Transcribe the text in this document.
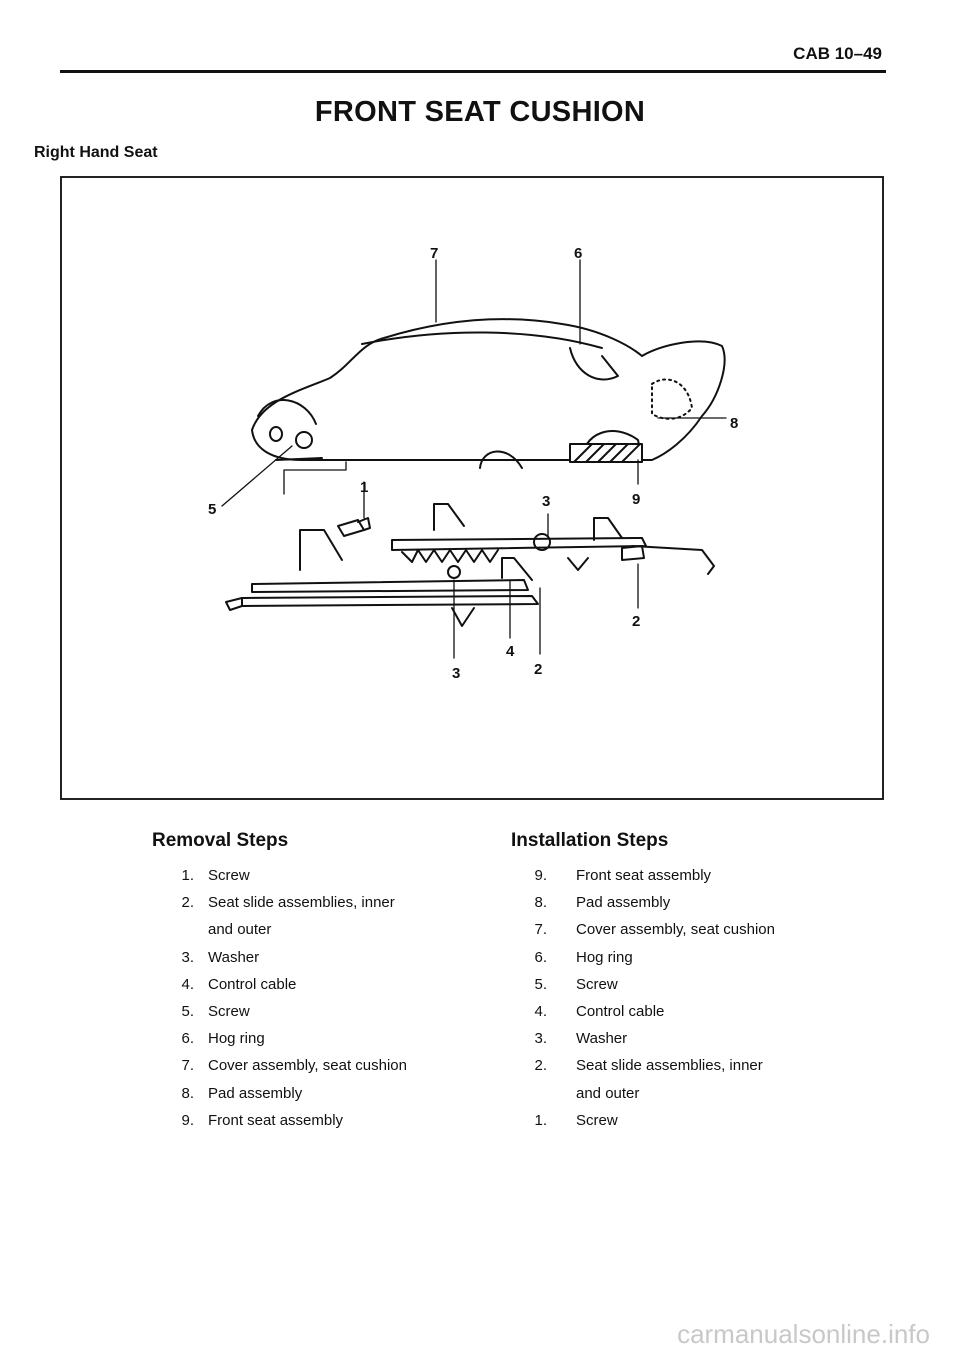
CAB 10–49
FRONT SEAT CUSHION
Right Hand Seat
7	6
8
1
3	9
5
2
4
3	2
Removal Steps
1. Screw
2. Seat slide assemblies, inner
and outer
3. Washer
4. Control cable
5. Screw
6. Hog ring
7. Cover assembly, seat cushion
8. Pad assembly
9. Front seat assembly
Installation Steps
9. Front seat assembly
8. Pad assembly
7. Cover assembly, seat cushion
6. Hog ring
5. Screw
4. Control cable
3. Washer
2. Seat slide assemblies, inner
and outer
1. Screw
carmanualsonline.info
